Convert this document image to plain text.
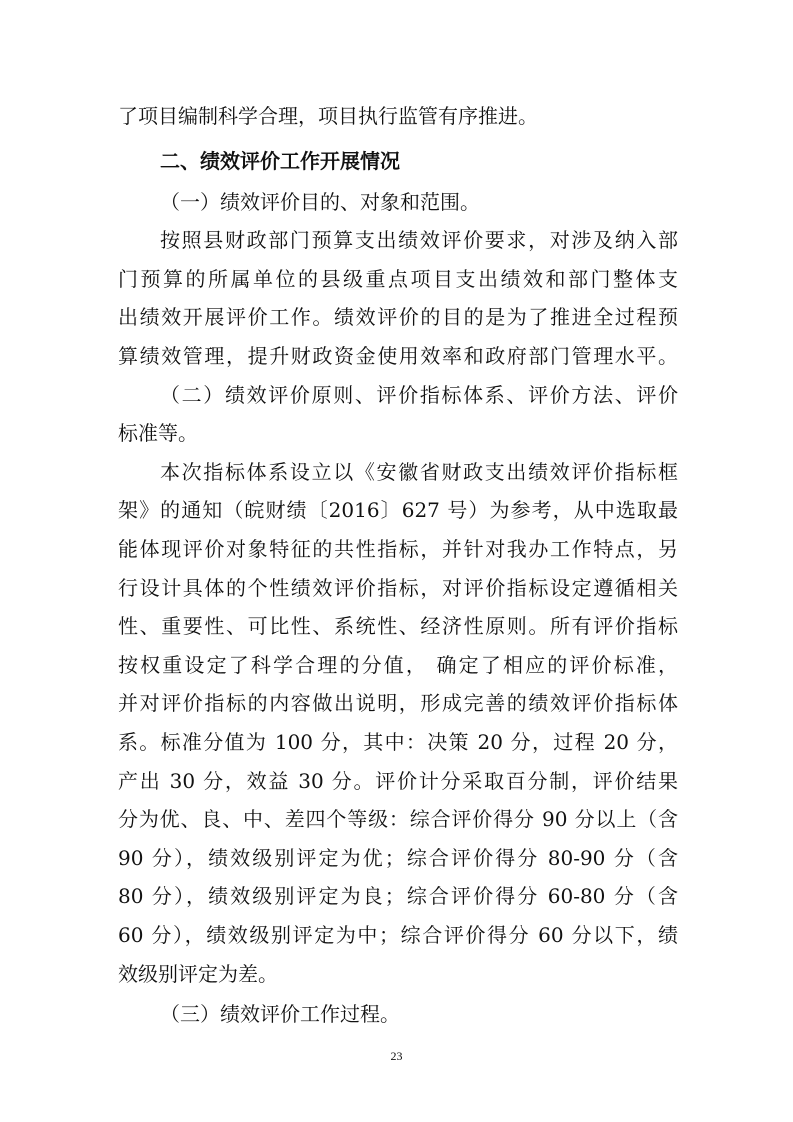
了项目编制科学合理，项目执行监管有序推进。
二、绩效评价工作开展情况
（一）绩效评价目的、对象和范围。
按照县财政部门预算支出绩效评价要求，对涉及纳入部
门预算的所属单位的县级重点项目支出绩效和部门整体支
出绩效开展评价工作。绩效评价的目的是为了推进全过程预
算绩效管理，提升财政资金使用效率和政府部门管理水平。
（二）绩效评价原则、评价指标体系、评价方法、评价
标准等。
本次指标体系设立以《安徽省财政支出绩效评价指标框
架》的通知（皖财绩〔2016〕627 号）为参考，从中选取最
能体现评价对象特征的共性指标，并针对我办工作特点，另
行设计具体的个性绩效评价指标，对评价指标设定遵循相关
性、重要性、可比性、系统性、经济性原则。所有评价指标
按权重设定了科学合理的分值， 确定了相应的评价标准，
并对评价指标的内容做出说明，形成完善的绩效评价指标体
系。标准分值为 100 分，其中：决策 20 分，过程 20 分，
产出 30 分，效益 30 分。评价计分采取百分制，评价结果
分为优、良、中、差四个等级：综合评价得分 90 分以上（含
90 分），绩效级别评定为优；综合评价得分 80-90 分（含
80 分），绩效级别评定为良；综合评价得分 60-80 分（含
60 分），绩效级别评定为中；综合评价得分 60 分以下，绩
效级别评定为差。
（三）绩效评价工作过程。
23
